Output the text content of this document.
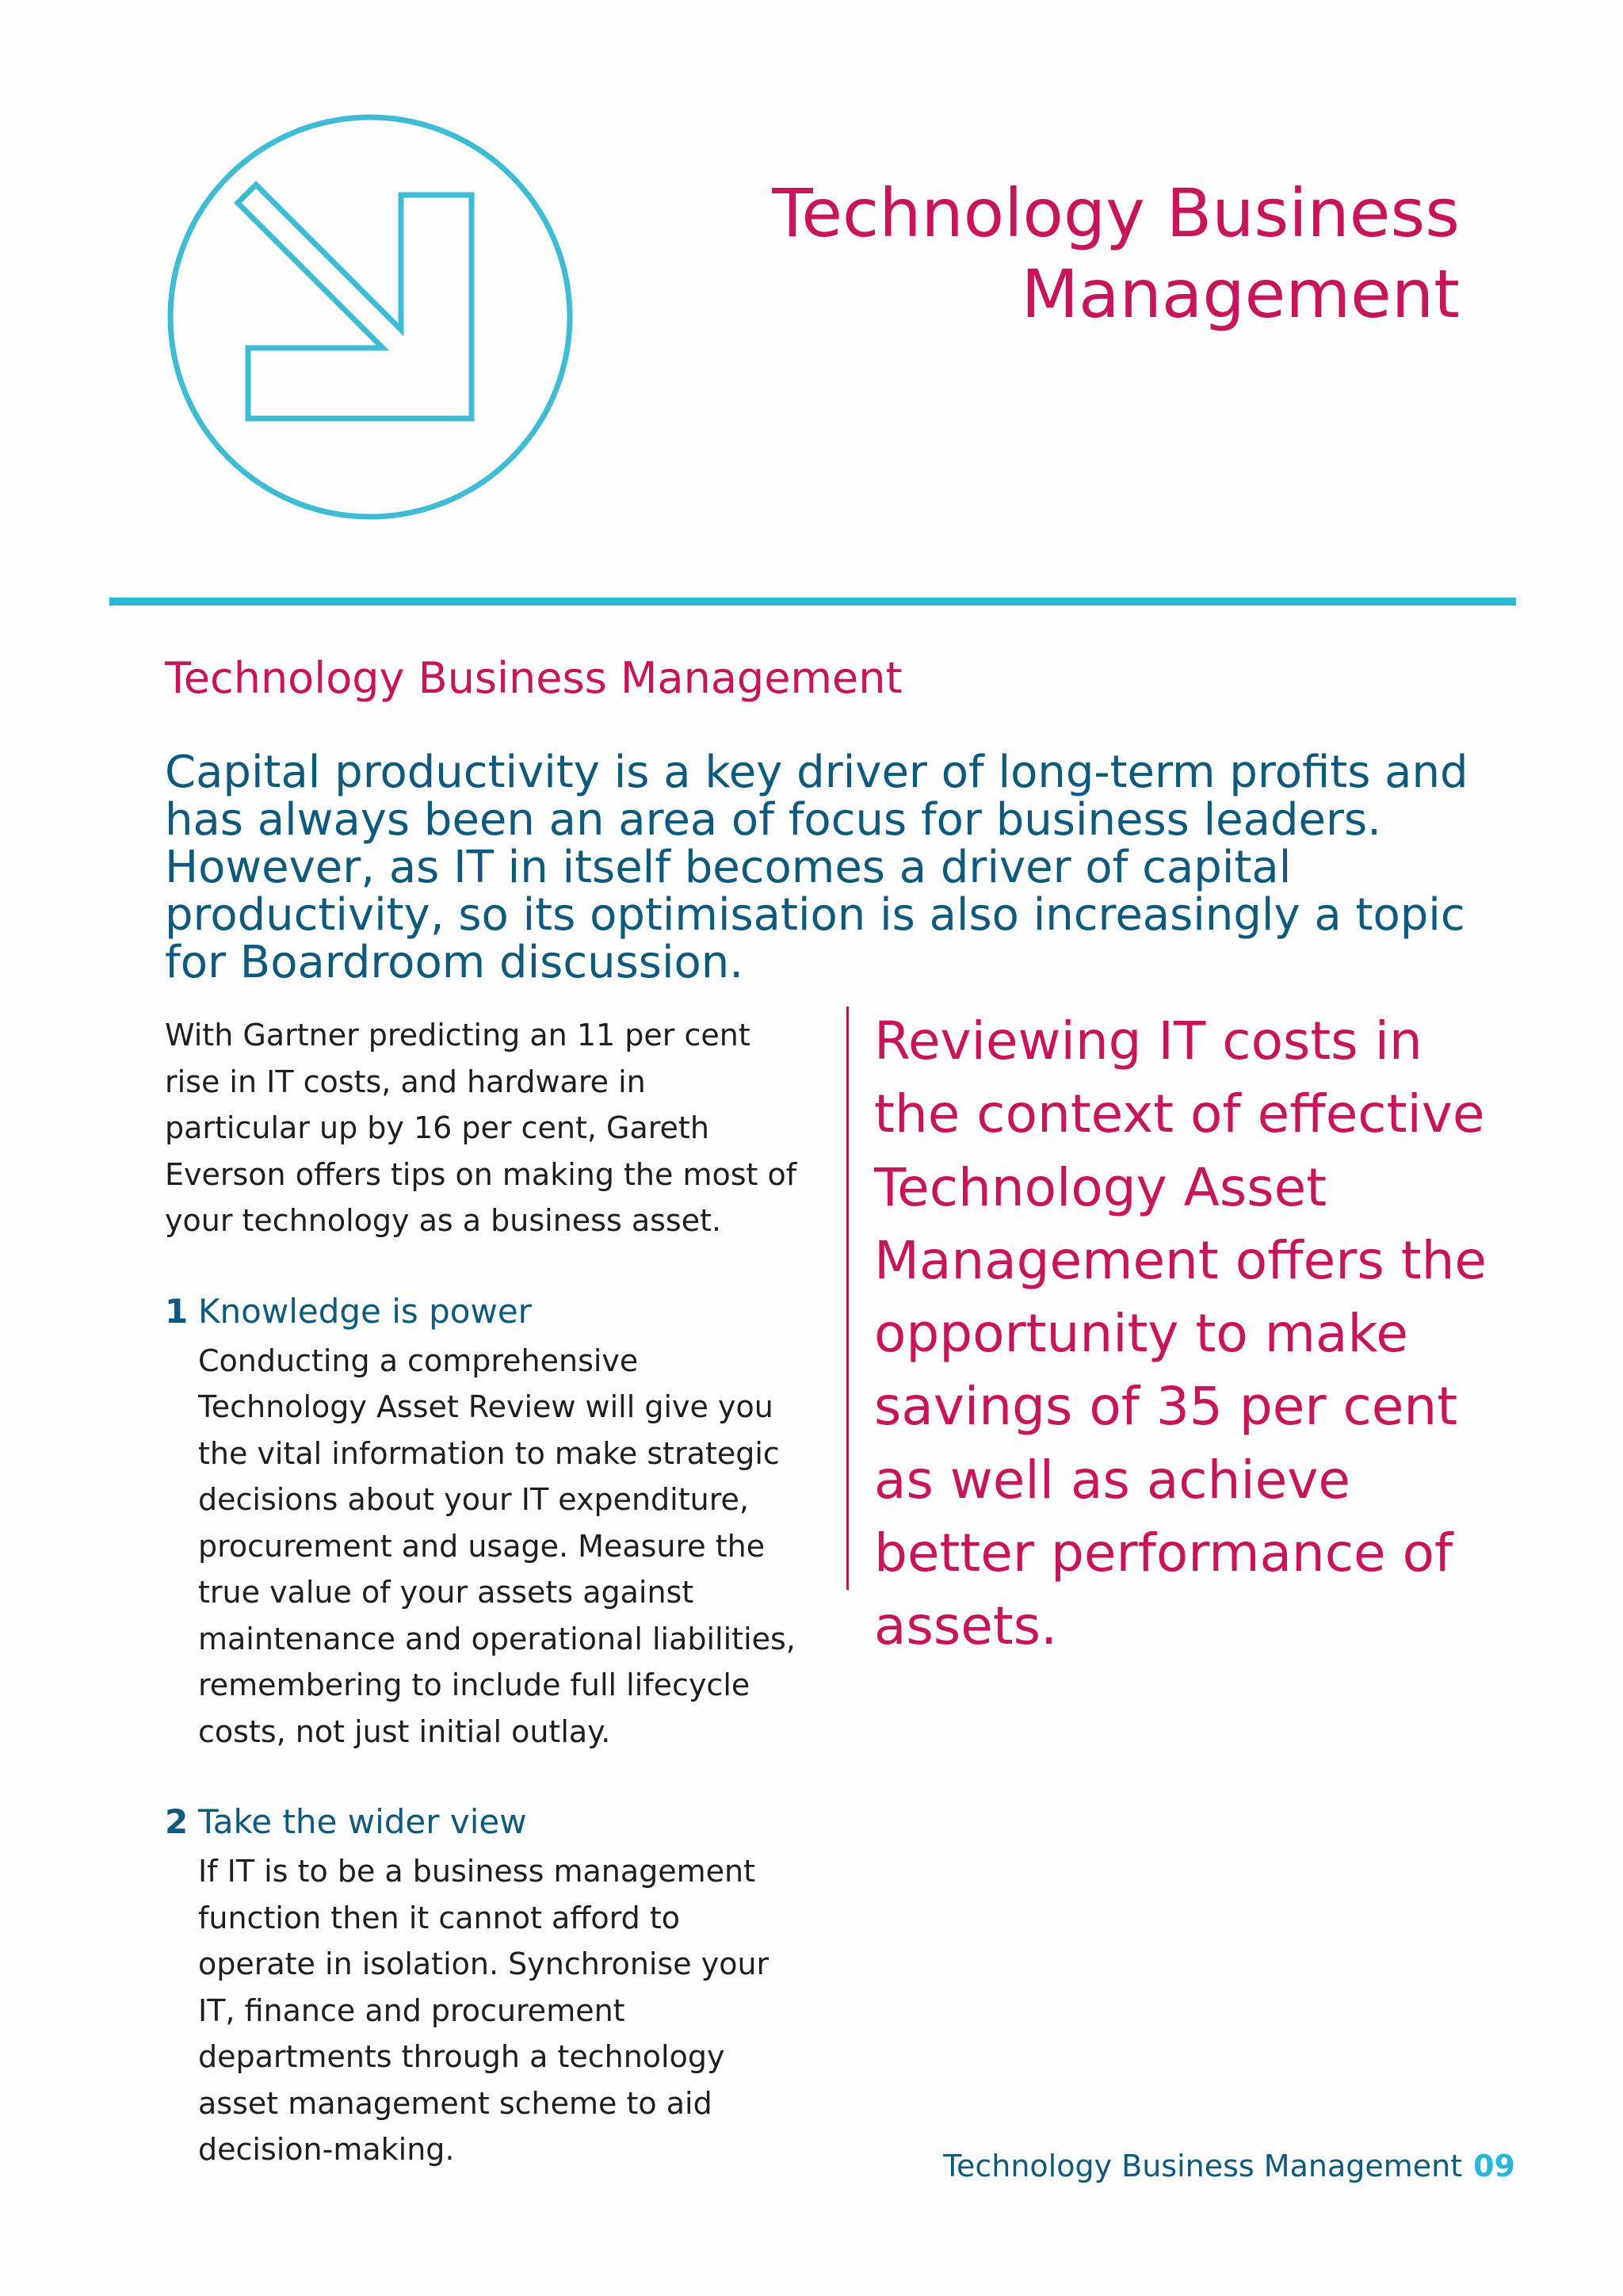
Technology Business
Management
Technology Business Management

Capital productivity is a key driver of long-term profits and has always been an area of focus for business leaders. However, as IT in itself becomes a driver of capital productivity, so its optimisation is also increasingly a topic for Boardroom discussion.

With Gartner predicting an 11 per cent rise in IT costs, and hardware in particular up by 16 per cent, Gareth Everson offers tips on making the most of your technology as a business asset.

1 Knowledge is power

Conducting a comprehensive Technology Asset Review will give you the vital information to make strategic decisions about your IT expenditure, procurement and usage. Measure the true value of your assets against maintenance and operational liabilities, remembering to include full lifecycle costs, not just initial outlay.

2 Take the wider view

If IT is to be a business management function then it cannot afford to operate in isolation. Synchronise your IT, finance and procurement departments through a technology asset management scheme to aid decision-making.

Reviewing IT costs in the context of effective Technology Asset Management offers the opportunity to make savings of 35 per cent as well as achieve better performance of assets.

Technology Business Management 09
